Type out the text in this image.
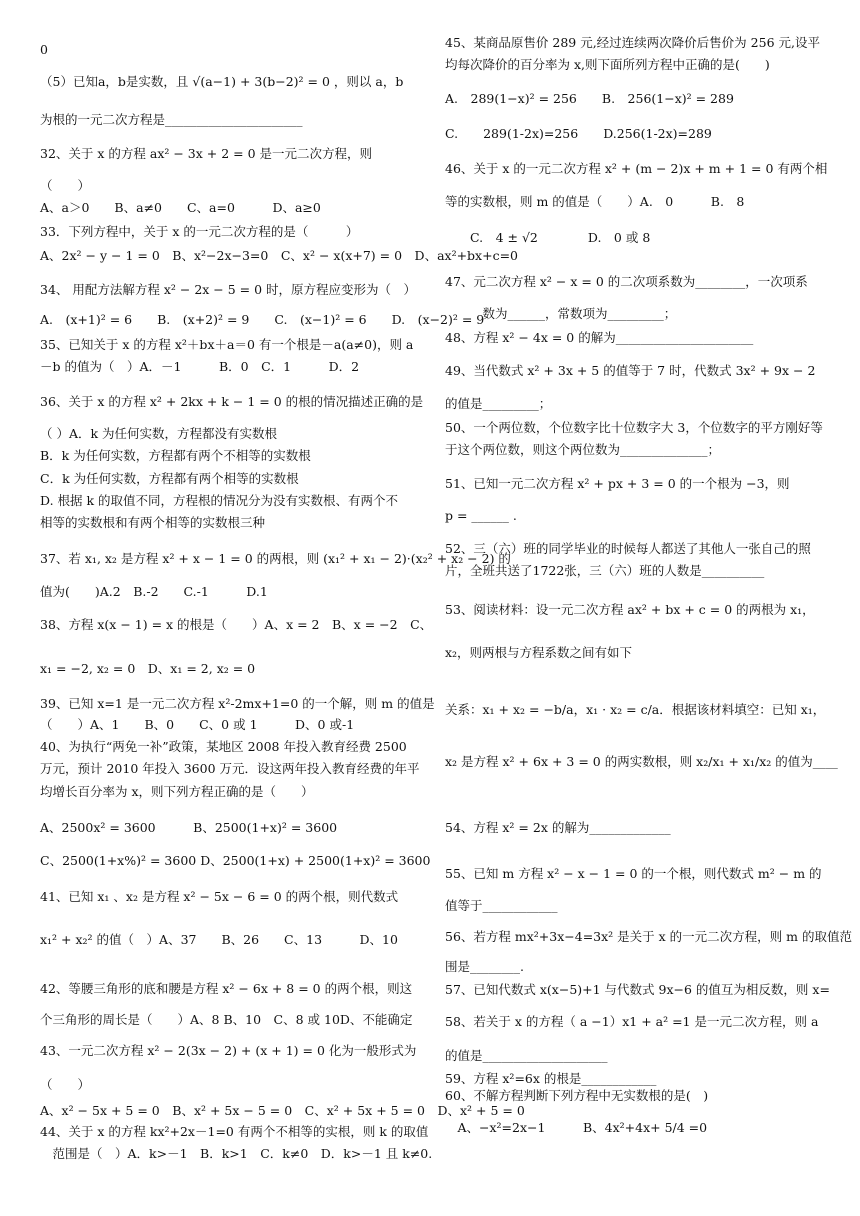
0
（5）已知a，b是实数，且 √(a−1) + 3(b−2)² = 0 ，则以 a，b
为根的一元二次方程是______________________
32、关于 x 的方程 ax² − 3x + 2 = 0 是一元二次方程，则
（　　）
A、a＞0　　B、a≠0　　C、a=0　　　D、a≥0
33．下列方程中，关于 x 的一元二次方程的是（　　　）
A、2x² − y − 1 = 0　B、x²−2x−3=0　C、x² − x(x+7) = 0　D、ax²+bx+c=0
34、 用配方法解方程 x² − 2x − 5 = 0 时，原方程应变形为（　）
A.　(x+1)² = 6　　B.　(x+2)² = 9　　C.　(x−1)² = 6　　D.　(x−2)² = 9
35、已知关于 x 的方程 x²＋bx＋a＝0 有一个根是－a(a≠0)，则 a
－b 的值为（　）A．－1　　　B．0　C．1　　　D．2
36、关于 x 的方程 x² + 2kx + k − 1 = 0 的根的情况描述正确的是
（ ）A．k 为任何实数，方程都没有实数根
B．k 为任何实数，方程都有两个不相等的实数根
C．k 为任何实数，方程都有两个相等的实数根
D. 根据 k 的取值不同，方程根的情况分为没有实数根、有两个不
相等的实数根和有两个相等的实数根三种
37、若 x₁, x₂ 是方程 x² + x − 1 = 0 的两根，则 (x₁² + x₁ − 2)·(x₂² + x₂ − 2) 的
值为(　　)A.2　B.-2　　C.-1　　　D.1
38、方程 x(x − 1) = x 的根是（　　）A、x = 2　B、x = −2　C、
x₁ = −2, x₂ = 0　D、x₁ = 2, x₂ = 0
39、已知 x=1 是一元二次方程 x²-2mx+1=0 的一个解，则 m 的值是
（　　）A、1　　B、0　　C、0 或 1　　　D、0 或-1
40、为执行“两免一补”政策，某地区 2008 年投入教育经费 2500
万元，预计 2010 年投入 3600 万元．设这两年投入教育经费的年平
均增长百分率为 x，则下列方程正确的是（　　）
A、2500x² = 3600　　　B、2500(1+x)² = 3600
C、2500(1+x%)² = 3600 D、2500(1+x) + 2500(1+x)² = 3600
41、已知 x₁ 、x₂ 是方程 x² − 5x − 6 = 0 的两个根，则代数式
x₁² + x₂² 的值（　）A、37　　B、26　　C、13　　　D、10
42、等腰三角形的底和腰是方程 x² − 6x + 8 = 0 的两个根，则这
个三角形的周长是（　　）A、8 B、10　C、8 或 10D、不能确定
43、一元二次方程 x² − 2(3x − 2) + (x + 1) = 0 化为一般形式为
（　　）
A、x² − 5x + 5 = 0　B、x² + 5x − 5 = 0　C、x² + 5x + 5 = 0　D、x² + 5 = 0
44、关于 x 的方程 kx²+2x－1=0 有两个不相等的实根，则 k 的取值
　范围是（　）A．k>－1　B．k>1　C．k≠0　D．k>－1 且 k≠0.
45、某商品原售价 289 元,经过连续两次降价后售价为 256 元,设平
均每次降价的百分率为 x,则下面所列方程中正确的是(　　)
A.　289(1−x)² = 256　　B.　256(1−x)² = 289
C.　　289(1-2x)=256　　D.256(1-2x)=289
46、关于 x 的一元二次方程 x² + (m − 2)x + m + 1 = 0 有两个相
等的实数根，则 m 的值是（　　）A.　0　　　B.　8
　　C.　4 ± √2　　　　D.　0 或 8
47、元二次方程 x² − x = 0 的二次项系数为________，一次项系
　　　数为______，常数项为_________；
48、方程 x² − 4x = 0 的解为______________________
49、当代数式 x² + 3x + 5 的值等于 7 时，代数式 3x² + 9x − 2
的值是_________；
50、一个两位数，个位数字比十位数字大 3，个位数字的平方刚好等
于这个两位数，则这个两位数为______________；
51、已知一元二次方程 x² + px + 3 = 0 的一个根为 −3，则
p = ______ .
52、三（六）班的同学毕业的时候每人都送了其他人一张自己的照
片，全班共送了1722张，三（六）班的人数是__________
53、阅读材料：设一元二次方程 ax² + bx + c = 0 的两根为 x₁，
x₂，则两根与方程系数之间有如下
关系：x₁ + x₂ = −b/a，x₁ · x₂ = c/a．根据该材料填空：已知 x₁，
x₂ 是方程 x² + 6x + 3 = 0 的两实数根，则 x₂/x₁ + x₁/x₂ 的值为____
54、方程 x² = 2x 的解为_____________
55、已知 m 方程 x² − x − 1 = 0 的一个根，则代数式 m² − m 的
值等于____________
56、若方程 mx²+3x−4=3x² 是关于 x 的一元二次方程，则 m 的取值范
围是________.
57、已知代数式 x(x−5)+1 与代数式 9x−6 的值互为相反数，则 x=
58、若关于 x 的方程（ a −1）x1 + a² =1 是一元二次方程，则 a
的值是____________________
59、方程 x²=6x 的根是____________
60、不解方程判断下列方程中无实数根的是(　)
　A、−x²=2x−1　　　B、4x²+4x+ 5/4 =0
